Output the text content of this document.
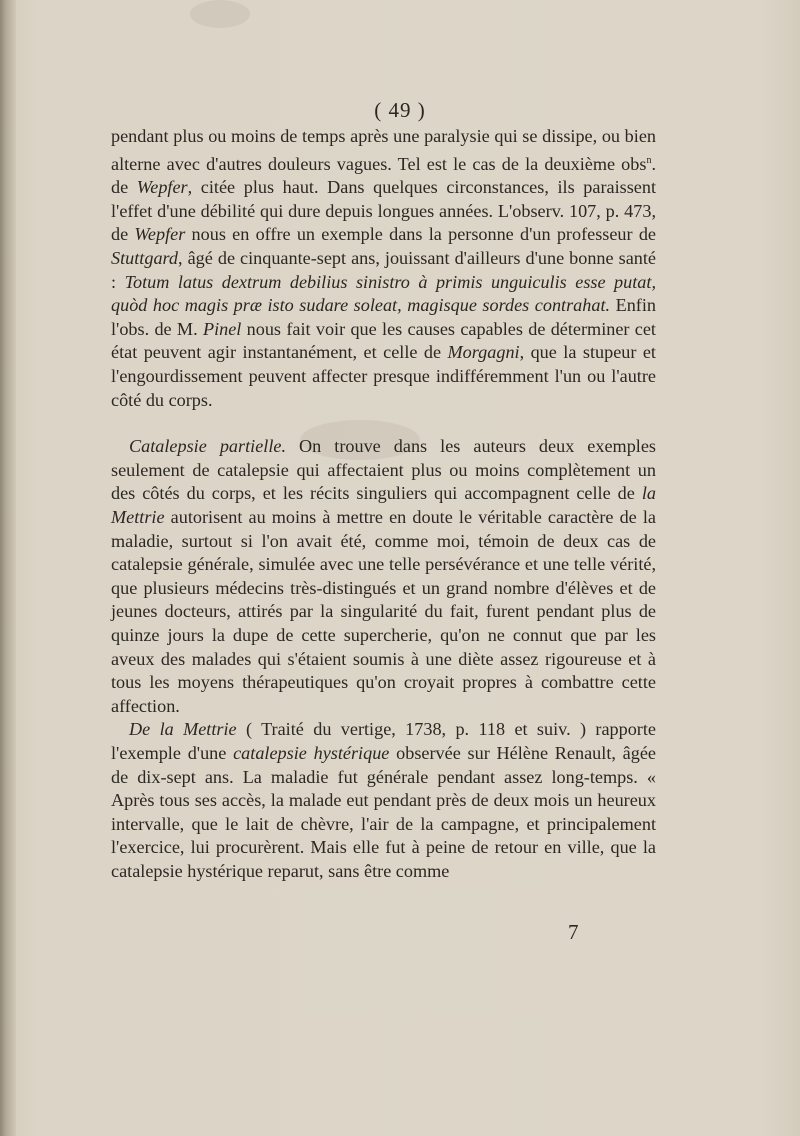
( 49 )

pendant plus ou moins de temps après une paralysie qui se dissipe, ou bien alterne avec d'autres douleurs vagues. Tel est le cas de la deuxième obs$^n$. de Wepfer, citée plus haut. Dans quelques circonstances, ils paraissent l'effet d'une débilité qui dure depuis longues années. L'observ. 107, p. 473, de Wepfer nous en offre un exemple dans la personne d'un professeur de Stuttgard, âgé de cinquante-sept ans, jouissant d'ailleurs d'une bonne santé : Totum latus dextrum debilius sinistro à primis unguiculis esse putat, quòd hoc magis præ isto sudare soleat, magisque sordes contrahat. Enfin l'obs. de M. Pinel nous fait voir que les causes capables de déterminer cet état peuvent agir instantanément, et celle de Morgagni, que la stupeur et l'engourdissement peuvent affecter presque indifféremment l'un ou l'autre côté du corps.

Catalepsie partielle. On trouve dans les auteurs deux exemples seulement de catalepsie qui affectaient plus ou moins complètement un des côtés du corps, et les récits singuliers qui accompagnent celle de la Mettrie autorisent au moins à mettre en doute le véritable caractère de la maladie, surtout si l'on avait été, comme moi, témoin de deux cas de catalepsie générale, simulée avec une telle persévérance et une telle vérité, que plusieurs médecins très-distingués et un grand nombre d'élèves et de jeunes docteurs, attirés par la singularité du fait, furent pendant plus de quinze jours la dupe de cette supercherie, qu'on ne connut que par les aveux des malades qui s'étaient soumis à une diète assez rigoureuse et à tous les moyens thérapeutiques qu'on croyait propres à combattre cette affection.

De la Mettrie ( Traité du vertige, 1738, p. 118 et suiv. ) rapporte l'exemple d'une catalepsie hystérique observée sur Hélène Renault, âgée de dix-sept ans. La maladie fut générale pendant assez long-temps. « Après tous ses accès, la malade eut pendant près de deux mois un heureux intervalle, que le lait de chèvre, l'air de la campagne, et principalement l'exercice, lui procurèrent. Mais elle fut à peine de retour en ville, que la catalepsie hystérique reparut, sans être comme

7
